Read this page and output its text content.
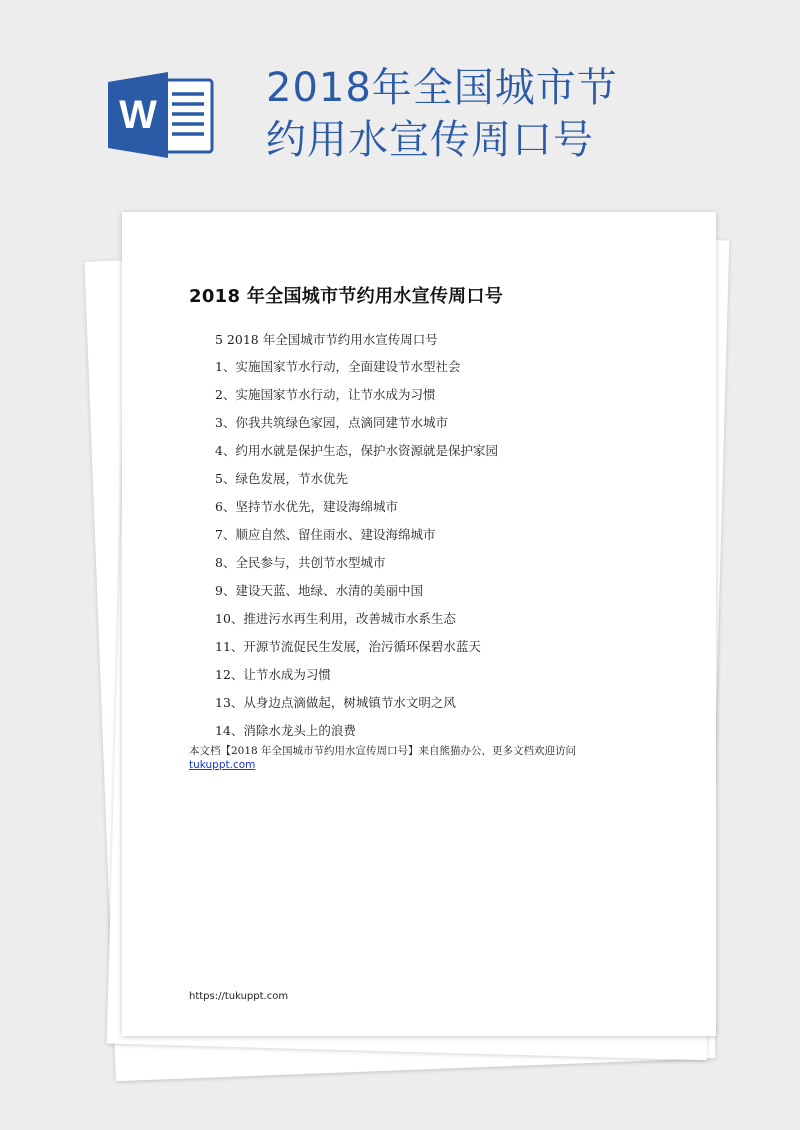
W
2018年全国城市节
约用水宣传周口号
2018 年全国城市节约用水宣传周口号
5 2018 年全国城市节约用水宣传周口号
1、实施国家节水行动，全面建设节水型社会
2、实施国家节水行动，让节水成为习惯
3、你我共筑绿色家园，点滴同建节水城市
4、约用水就是保护生态，保护水资源就是保护家园
5、绿色发展，节水优先
6、坚持节水优先，建设海绵城市
7、顺应自然、留住雨水、建设海绵城市
8、全民参与，共创节水型城市
9、建设天蓝、地绿、水清的美丽中国
10、推进污水再生利用，改善城市水系生态
11、开源节流促民生发展，治污循环保碧水蓝天
12、让节水成为习惯
13、从身边点滴做起，树城镇节水文明之风
14、消除水龙头上的浪费
本文档【2018 年全国城市节约用水宣传周口号】来自熊猫办公，更多文档欢迎访问
tukuppt.com
https://tukuppt.com
